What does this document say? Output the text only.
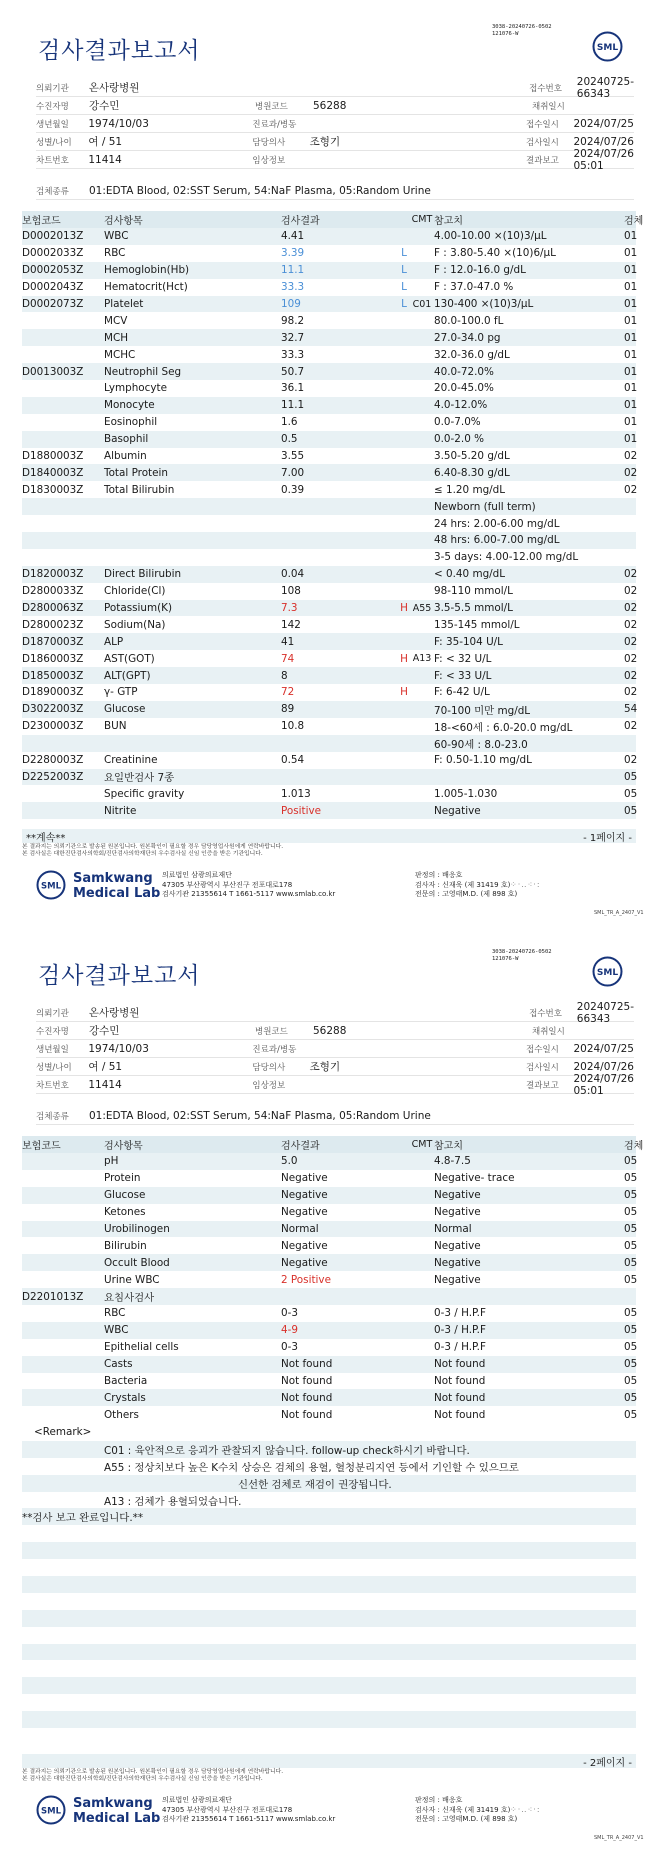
검사결과보고서
3038-20240726-0502
121076-W
SML
의뢰기관	온사랑병원	접수번호
20240725-66343
수진자명	강수민	병원코드	56288	채취일시
생년월일	1974/10/03	진료과/병동	접수일시	2024/07/25
성별/나이	여 / 51	담당의사	조형기	검사일시	2024/07/26
차트번호	11414	임상정보	결과보고
2024/07/26 05:01
검체종류	01:EDTA Blood, 02:SST Serum, 54:NaF Plasma, 05:Random Urine
보험코드	검사항목	검사결과	CMT 참고치	검체
D0002013Z	WBC	4.41	4.00-10.00 ×(10)3/μL	01
D0002033Z	RBC	3.39	L	F : 3.80-5.40 ×(10)6/μL	01
D0002053Z	Hemoglobin(Hb)	11.1	L	F : 12.0-16.0 g/dL	01
D0002043Z	Hematocrit(Hct)	33.3	L	F : 37.0-47.0 %	01
D0002073Z	Platelet	109	L C01 130-400 ×(10)3/μL	01
MCV	98.2	80.0-100.0 fL	01
MCH	32.7	27.0-34.0 pg	01
MCHC	33.3	32.0-36.0 g/dL	01
D0013003Z	Neutrophil Seg	50.7	40.0-72.0%	01
Lymphocyte	36.1	20.0-45.0%	01
Monocyte	11.1	4.0-12.0%	01
Eosinophil	1.6	0.0-7.0%	01
Basophil	0.5	0.0-2.0 %	01
D1880003Z	Albumin	3.55	3.50-5.20 g/dL	02
D1840003Z	Total Protein	7.00	6.40-8.30 g/dL	02
D1830003Z	Total Bilirubin	0.39	≤ 1.20 mg/dL	02
Newborn (full term)
24 hrs: 2.00-6.00 mg/dL
48 hrs: 6.00-7.00 mg/dL
3-5 days: 4.00-12.00 mg/dL
D1820003Z	Direct Bilirubin	0.04	< 0.40 mg/dL	02
D2800033Z	Chloride(Cl)	108	98-110 mmol/L	02
D2800063Z	Potassium(K)	7.3	H A55 3.5-5.5 mmol/L	02
D2800023Z	Sodium(Na)	142	135-145 mmol/L	02
D1870003Z	ALP	41	F: 35-104 U/L	02
D1860003Z	AST(GOT)	74	H A13 F: < 32 U/L	02
D1850003Z	ALT(GPT)	8	F: < 33 U/L	02
D1890003Z	γ- GTP	72	H	F: 6-42 U/L	02
D3022003Z	Glucose	89	70-100 미만 mg/dL	54
D2300003Z	BUN	10.8	18-<60세 : 6.0-20.0 mg/dL	02
60-90세 : 8.0-23.0
D2280003Z	Creatinine	0.54	F: 0.50-1.10 mg/dL	02
D2252003Z	요일반검사 7종	05
Specific gravity	1.013	1.005-1.030	05
Nitrite	Positive	Negative	05
**계속**	- 1페이지 -
본 결과지는 의뢰기관으로 발송된 원본입니다. 원본확인이 필요할 경우 담당영업사원에게 연락바랍니다.
본 검사실은 대한진단검사의학회/진단검사의학재단의 우수검사실 신임 인증을 받은 기관입니다.
SML
Samkwang
Medical Lab
의료법인 삼광의료재단
47305 부산광역시 부산진구 전포대로178
검사기관 21355614 T 1661-5117 www.smlab.co.kr
판정의 : 배응호
검사자 : 신재욱 (제 31419 호)
전문의 : 고영태M.D. (제 898 호)
⁘·‥⁖·:
SML_TR_A_2407_V1
검사결과보고서
3038-20240726-0502
121076-W
SML
의뢰기관	온사랑병원	접수번호
20240725-66343
수진자명	강수민	병원코드	56288	채취일시
생년월일	1974/10/03	진료과/병동	접수일시	2024/07/25
성별/나이	여 / 51	담당의사	조형기	검사일시	2024/07/26
차트번호	11414	임상정보	결과보고
2024/07/26 05:01
검체종류	01:EDTA Blood, 02:SST Serum, 54:NaF Plasma, 05:Random Urine
보험코드	검사항목	검사결과	CMT 참고치	검체
pH	5.0	4.8-7.5	05
Protein	Negative	Negative- trace	05
Glucose	Negative	Negative	05
Ketones	Negative	Negative	05
Urobilinogen	Normal	Normal	05
Bilirubin	Negative	Negative	05
Occult Blood	Negative	Negative	05
Urine WBC	2 Positive	Negative	05
D2201013Z	요침사검사
RBC	0-3	0-3 / H.P.F	05
WBC	4-9	0-3 / H.P.F	05
Epithelial cells	0-3	0-3 / H.P.F	05
Casts	Not found	Not found	05
Bacteria	Not found	Not found	05
Crystals	Not found	Not found	05
Others	Not found	Not found	05
<Remark>
C01 : 육안적으로 응괴가 관찰되지 않습니다. follow-up check하시기 바랍니다.
A55 : 정상치보다 높은 K수치 상승은 검체의 용혈, 혈청분리지연 등에서 기인할 수 있으므로
신선한 검체로 재검이 권장됩니다.
A13 : 검체가 용혈되었습니다.
**검사 보고 완료입니다.**
- 2페이지 -
본 결과지는 의뢰기관으로 발송된 원본입니다. 원본확인이 필요할 경우 담당영업사원에게 연락바랍니다.
본 검사실은 대한진단검사의학회/진단검사의학재단의 우수검사실 신임 인증을 받은 기관입니다.
SML
Samkwang
Medical Lab
의료법인 삼광의료재단
47305 부산광역시 부산진구 전포대로178
검사기관 21355614 T 1661-5117 www.smlab.co.kr
판정의 : 배응호
검사자 : 신재욱 (제 31419 호)
전문의 : 고영태M.D. (제 898 호)
⁘·‥⁖·:
SML_TR_A_2407_V1
